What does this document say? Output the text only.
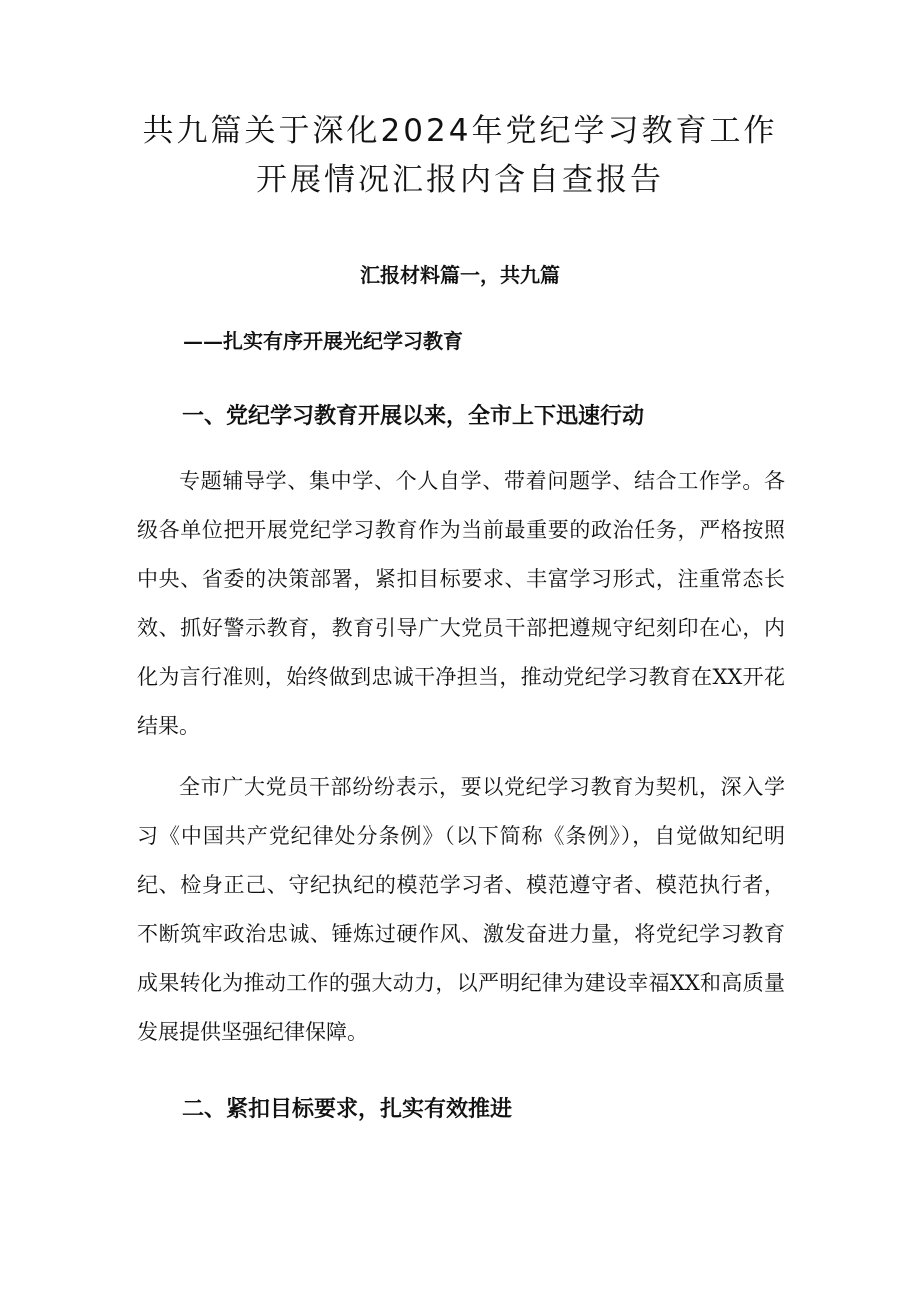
共九篇关于深化2024年党纪学习教育工作
开展情况汇报内含自查报告

汇报材料篇一，共九篇

——扎实有序开展光纪学习教育

一、党纪学习教育开展以来，全市上下迅速行动

专题辅导学、集中学、个人自学、带着问题学、结合工作学。各级各单位把开展党纪学习教育作为当前最重要的政治任务，严格按照中央、省委的决策部署，紧扣目标要求、丰富学习形式，注重常态长效、抓好警示教育，教育引导广大党员干部把遵规守纪刻印在心，内化为言行准则，始终做到忠诚干净担当，推动党纪学习教育在XX开花结果。

全市广大党员干部纷纷表示，要以党纪学习教育为契机，深入学习《中国共产党纪律处分条例》（以下简称《条例》），自觉做知纪明纪、检身正己、守纪执纪的模范学习者、模范遵守者、模范执行者，不断筑牢政治忠诚、锤炼过硬作风、激发奋进力量，将党纪学习教育成果转化为推动工作的强大动力，以严明纪律为建设幸福XX和高质量发展提供坚强纪律保障。

二、紧扣目标要求，扎实有效推进
